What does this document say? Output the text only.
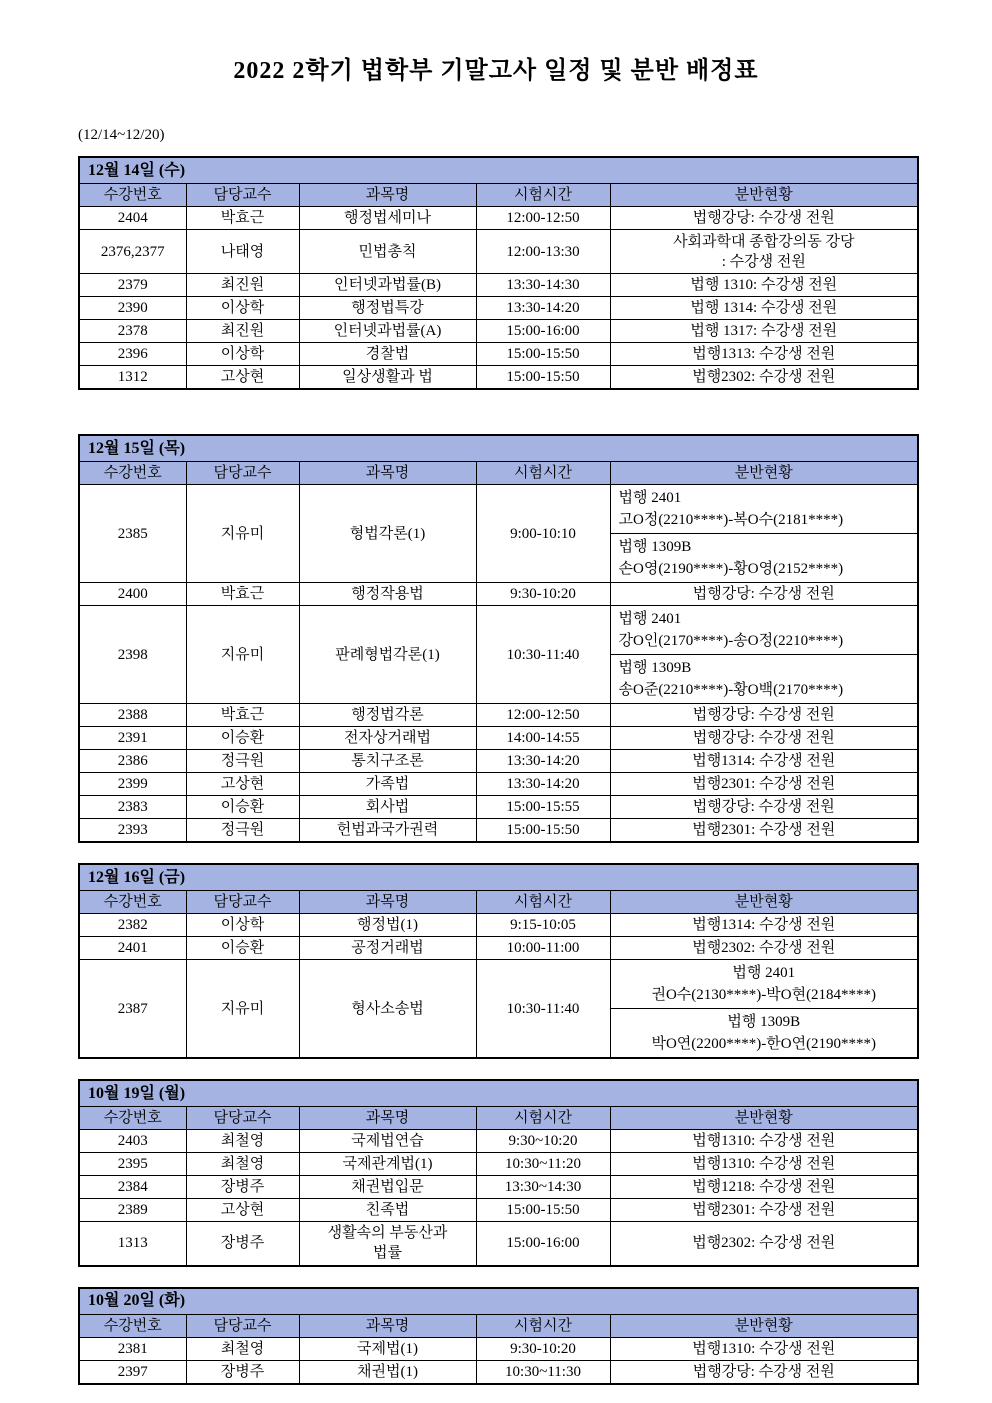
2022 2학기 법학부 기말고사 일정 및 분반 배정표
(12/14~12/20)
12월 14일 (수)				
수강번호	담당교수	과목명	시험시간	분반현황
2404	박효근	행정법세미나	12:00-12:50	법행강당: 수강생 전원
2376,2377	나태영	민법총칙	12:00-13:30	사회과학대 종합강의동 강당
: 수강생 전원

2379	최진원	인터넷과법률(B)	13:30-14:30	법행 1310: 수강생 전원
2390	이상학	행정법특강	13:30-14:20	법행 1314: 수강생 전원
2378	최진원	인터넷과법률(A)	15:00-16:00	법행 1317: 수강생 전원
2396	이상학	경찰법	15:00-15:50	법행1313: 수강생 전원
1312	고상현	일상생활과 법	15:00-15:50	법행2302: 수강생 전원
12월 15일 (목)				
수강번호	담당교수	과목명	시험시간	분반현황
2385	지유미	형법각론(1)	9:00-10:10	법행 2401
고O정(2210****)-복O수(2181****)
법행 1309B
손O영(2190****)-황O영(2152****)

2400	박효근	행정작용법	9:30-10:20	법행강당: 수강생 전원
2398	지유미	판례형법각론(1)	10:30-11:40	법행 2401
강O인(2170****)-송O정(2210****)
법행 1309B
송O준(2210****)-황O백(2170****)

2388	박효근	행정법각론	12:00-12:50	법행강당: 수강생 전원
2391	이승환	전자상거래법	14:00-14:55	법행강당: 수강생 전원
2386	정극원	통치구조론	13:30-14:20	법행1314: 수강생 전원
2399	고상현	가족법	13:30-14:20	법행2301: 수강생 전원
2383	이승환	회사법	15:00-15:55	법행강당: 수강생 전원
2393	정극원	헌법과국가권력	15:00-15:50	법행2301: 수강생 전원
12월 16일 (금)				
수강번호	담당교수	과목명	시험시간	분반현황
2382	이상학	행정법(1)	9:15-10:05	법행1314: 수강생 전원
2401	이승환	공정거래법	10:00-11:00	법행2302: 수강생 전원
2387	지유미	형사소송법	10:30-11:40	법행 2401
권O수(2130****)-박O현(2184****)
법행 1309B
박O연(2200****)-한O연(2190****)
10월 19일 (월)				
수강번호	담당교수	과목명	시험시간	분반현황
2403	최철영	국제법연습	9:30~10:20	법행1310: 수강생 전원
2395	최철영	국제관계법(1)	10:30~11:20	법행1310: 수강생 전원
2384	장병주	채권법입문	13:30~14:30	법행1218: 수강생 전원
2389	고상현	친족법	15:00-15:50	법행2301: 수강생 전원
1313	장병주	생활속의 부동산과
법률	15:00-16:00	법행2302: 수강생 전원
10월 20일 (화)				
수강번호	담당교수	과목명	시험시간	분반현황
2381	최철영	국제법(1)	9:30-10:20	법행1310: 수강생 전원
2397	장병주	채권법(1)	10:30~11:30	법행강당: 수강생 전원
